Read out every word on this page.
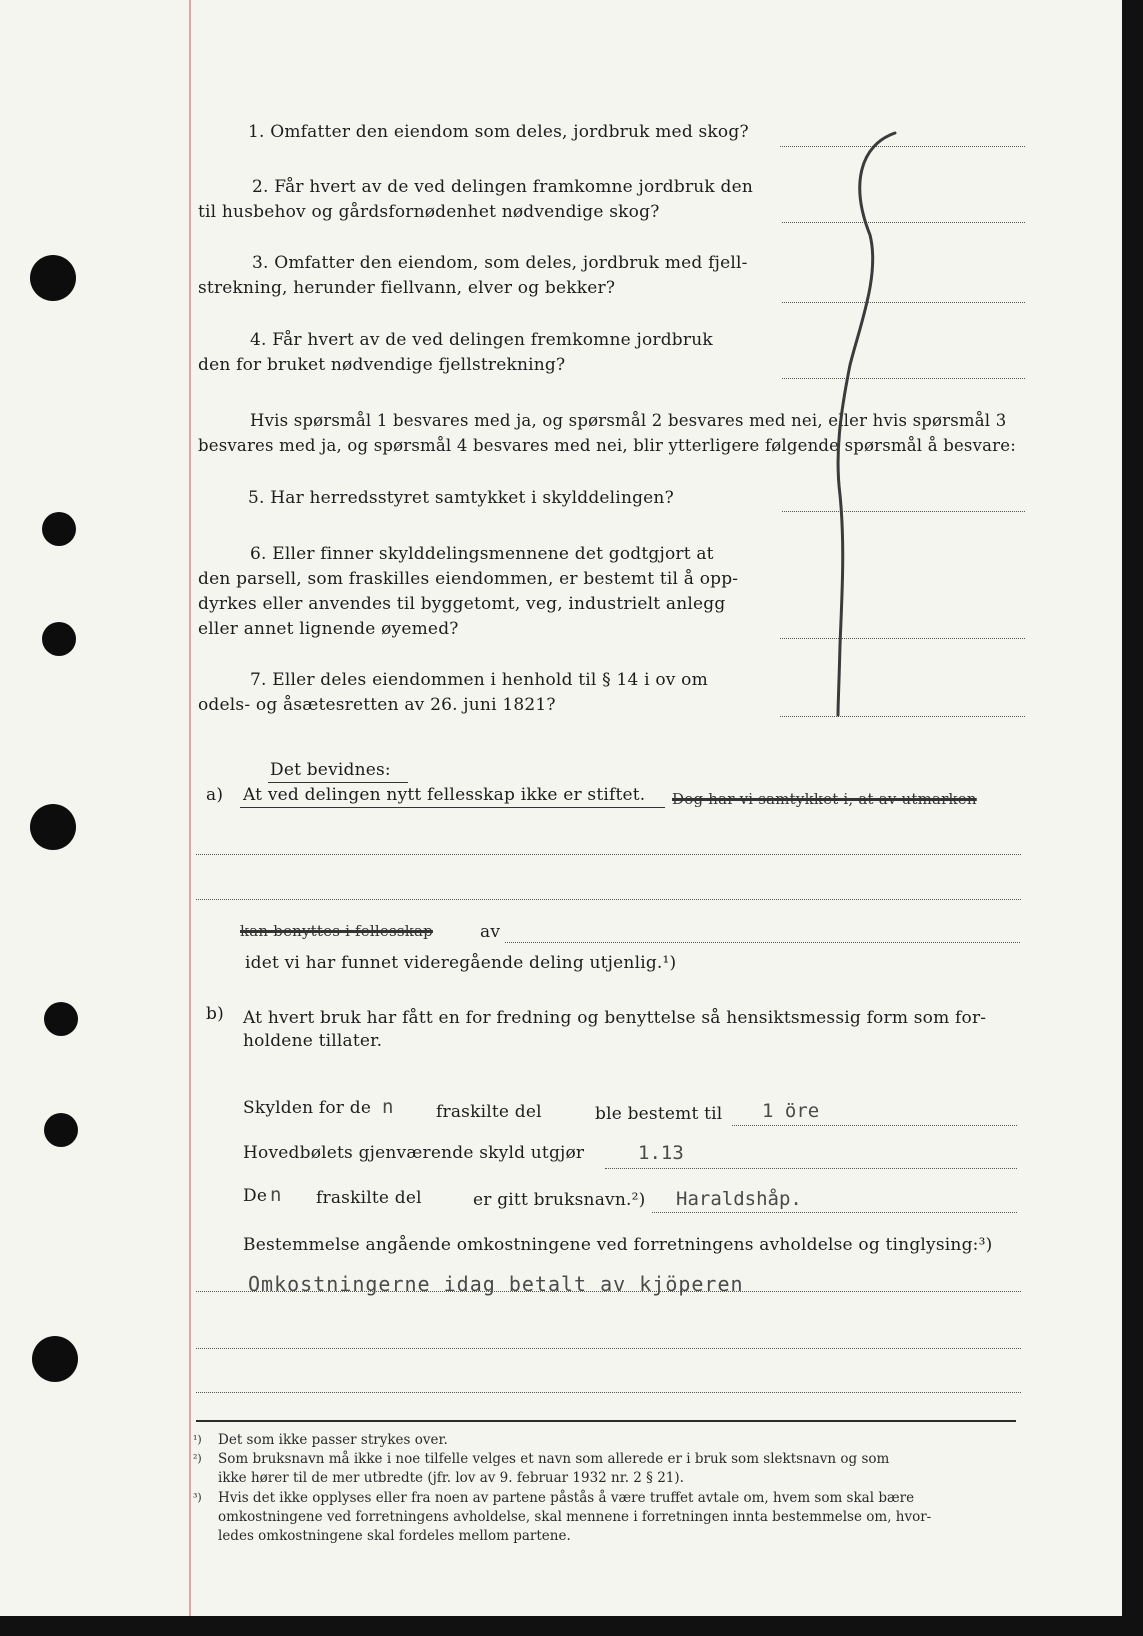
1. Omfatter den eiendom som deles, jordbruk med skog?
2. Får hvert av de ved delingen framkomne jordbruk den
til husbehov og gårdsfornødenhet nødvendige skog?
3. Omfatter den eiendom, som deles, jordbruk med fjell-
strekning, herunder fiellvann, elver og bekker?
4. Får hvert av de ved delingen fremkomne jordbruk
den for bruket nødvendige fjellstrekning?
Hvis spørsmål 1 besvares med ja, og spørsmål 2 besvares med nei, eller hvis spørsmål 3
besvares med ja, og spørsmål 4 besvares med nei, blir ytterligere følgende spørsmål å besvare:
5. Har herredsstyret samtykket i skylddelingen?
6. Eller finner skylddelingsmennene det godtgjort at
den parsell, som fraskilles eiendommen, er bestemt til å opp-
dyrkes eller anvendes til byggetomt, veg, industrielt anlegg
eller annet lignende øyemed?
7. Eller deles eiendommen i henhold til § 14 i ov om
odels- og åsætesretten av 26. juni 1821?
Det bevidnes:
a) At ved delingen nytt fellesskap ikke er stiftet. Dog har vi samtykket i, at av utmarken
kan benyttes i fellesskap	av
idet vi har funnet videregående deling utjenlig.¹)
b) At hvert bruk har fått en for fredning og benyttelse så hensiktsmessig form som for-
holdene tillater.
Skylden for de n	fraskilte del	ble bestemt til 1 öre
Hovedbølets gjenværende skyld utgjør	1.13
De n fraskilte del	er gitt bruksnavn.²) Haraldshåp.
Bestemmelse angående omkostningene ved forretningens avholdelse og tinglysing:³)
Omkostningerne idag betalt av kjöperen
¹) Det som ikke passer strykes over.
²) Som bruksnavn må ikke i noe tilfelle velges et navn som allerede er i bruk som slektsnavn og som
ikke hører til de mer utbredte (jfr. lov av 9. februar 1932 nr. 2 § 21).
³) Hvis det ikke opplyses eller fra noen av partene påstås å være truffet avtale om, hvem som skal bære
omkostningene ved forretningens avholdelse, skal mennene i forretningen innta bestemmelse om, hvor-
ledes omkostningene skal fordeles mellom partene.
